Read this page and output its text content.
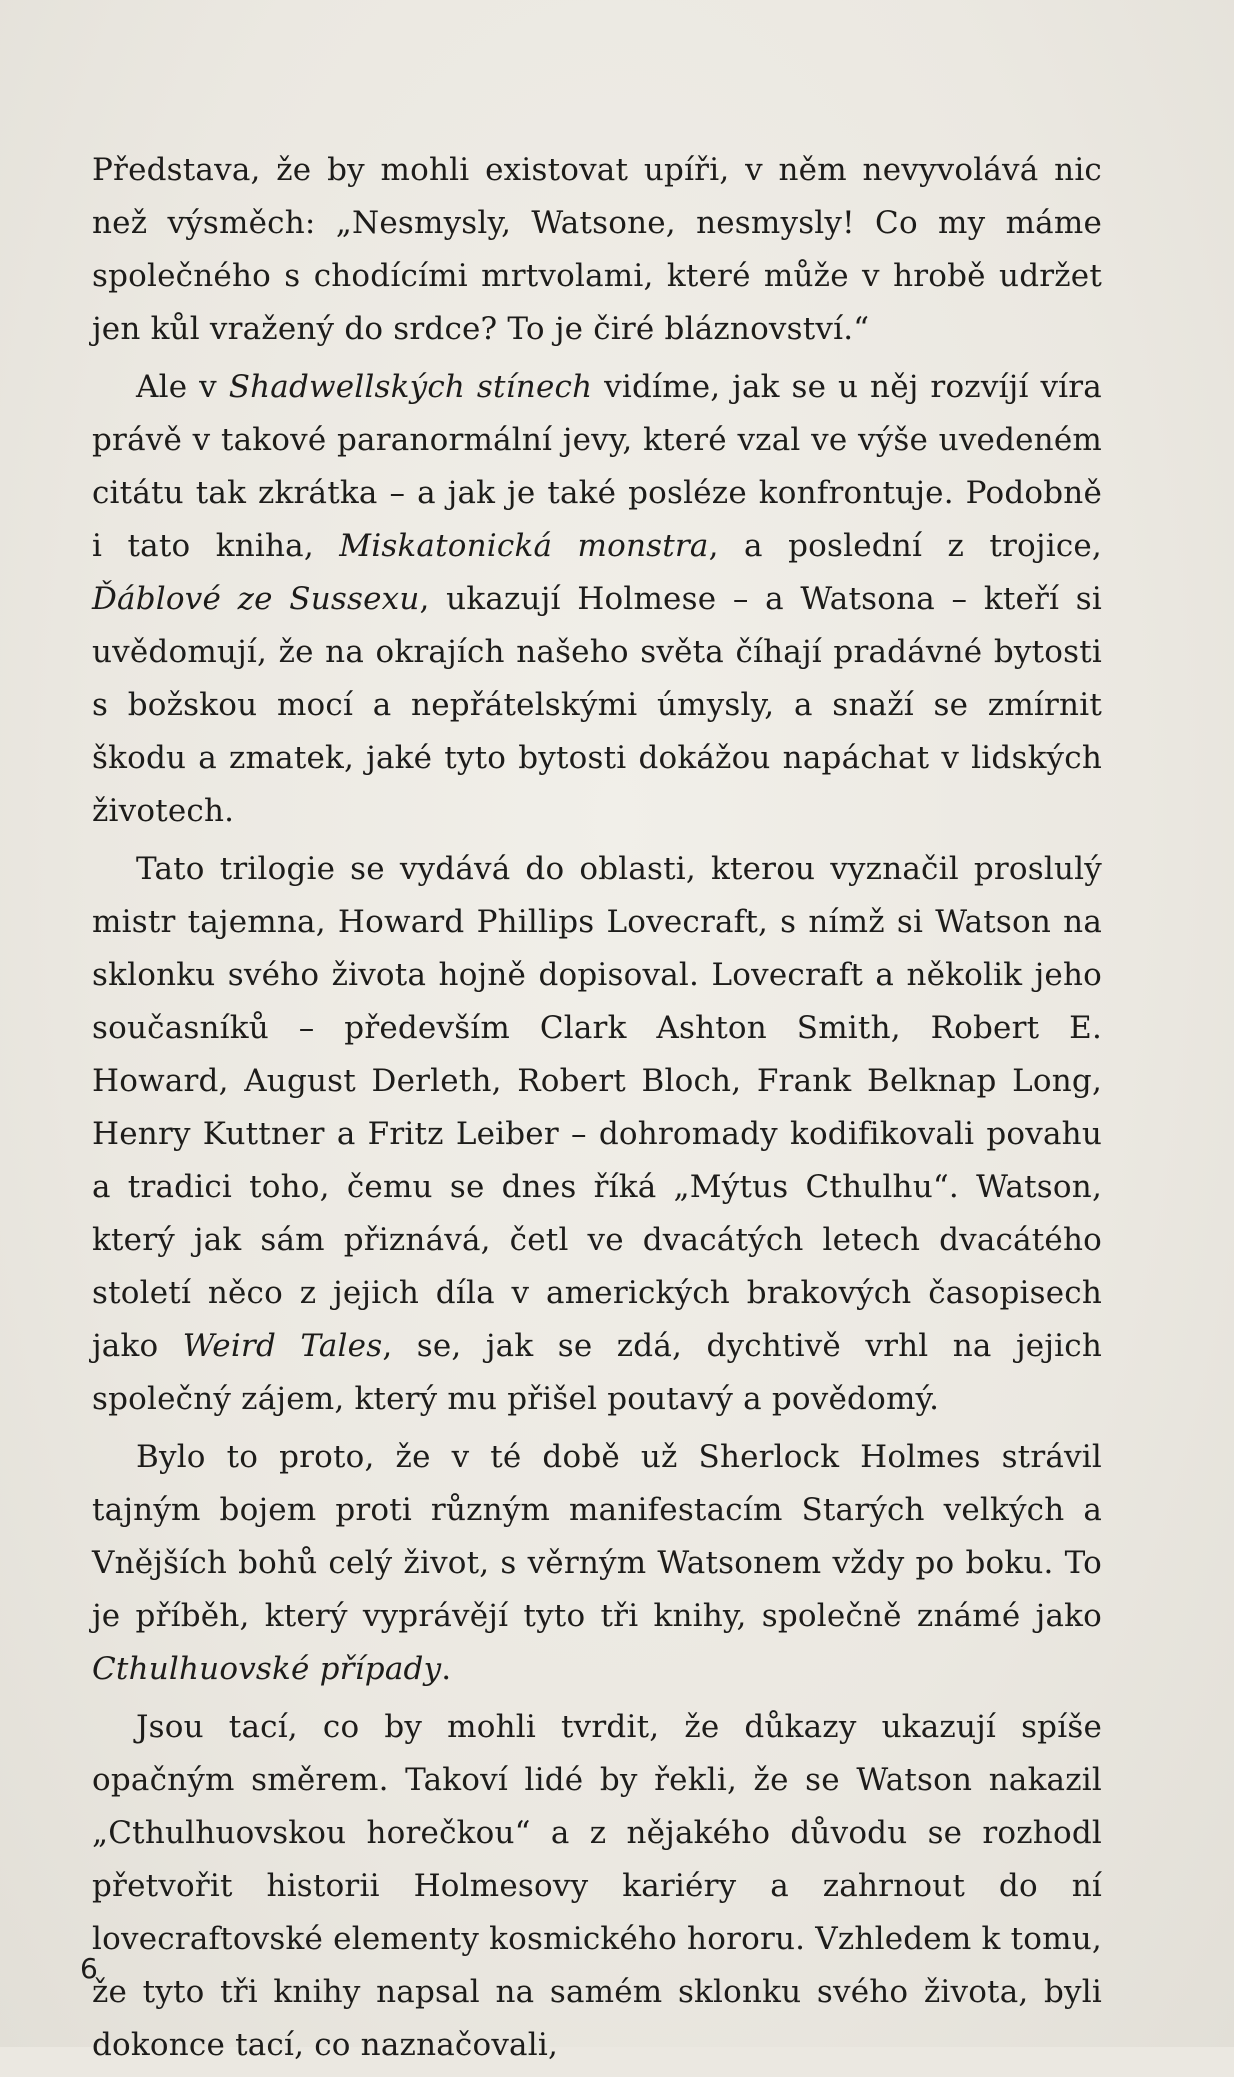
Představa, že by mohli existovat upíři, v něm nevyvolává nic než výsměch: „Nesmysly, Watsone, nesmysly! Co my máme společného s chodícími mrtvolami, které může v hrobě udržet jen kůl vražený do srdce? To je čiré bláznovství.“

Ale v Shadwellských stínech vidíme, jak se u něj rozvíjí víra právě v takové paranormální jevy, které vzal ve výše uvedeném citátu tak zkrátka – a jak je také posléze konfrontuje. Podobně i tato kniha, Miskatonická monstra, a poslední z trojice, Ďáblové ze Sussexu, ukazují Holmese – a Watsona – kteří si uvědomují, že na okrajích našeho světa číhají pradávné bytosti s božskou mocí a nepřátelskými úmysly, a snaží se zmírnit škodu a zmatek, jaké tyto bytosti dokážou napáchat v lidských životech.

Tato trilogie se vydává do oblasti, kterou vyznačil proslulý mistr tajemna, Howard Phillips Lovecraft, s nímž si Watson na sklonku svého života hojně dopisoval. Lovecraft a několik jeho současníků – především Clark Ashton Smith, Robert E. Howard, August Derleth, Robert Bloch, Frank Belknap Long, Henry Kuttner a Fritz Leiber – dohromady kodifikovali povahu a tradici toho, čemu se dnes říká „Mýtus Cthulhu“. Watson, který jak sám přiznává, četl ve dvacátých letech dvacátého století něco z jejich díla v amerických brakových časopisech jako Weird Tales, se, jak se zdá, dychtivě vrhl na jejich společný zájem, který mu přišel poutavý a povědomý.

Bylo to proto, že v té době už Sherlock Holmes strávil tajným bojem proti různým manifestacím Starých velkých a Vnějších bohů celý život, s věrným Watsonem vždy po boku. To je příběh, který vyprávějí tyto tři knihy, společně známé jako Cthulhuovské případy.

Jsou tací, co by mohli tvrdit, že důkazy ukazují spíše opačným směrem. Takoví lidé by řekli, že se Watson nakazil „Cthulhuovskou horečkou“ a z nějakého důvodu se rozhodl přetvořit historii Holmesovy kariéry a zahrnout do ní lovecraftovské elementy kosmického hororu. Vzhledem k tomu, že tyto tři knihy napsal na samém sklonku svého života, byli dokonce tací, co naznačovali,

6
